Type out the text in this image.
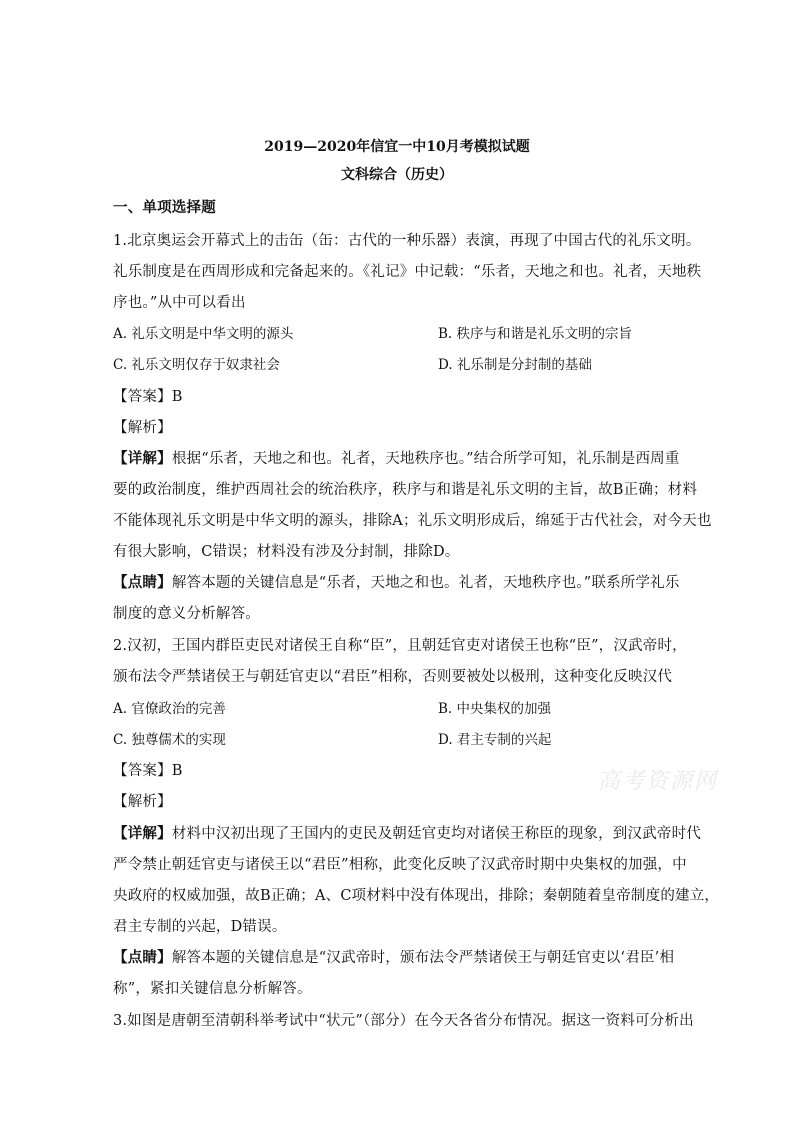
2019—2020年信宜一中10月考模拟试题
文科综合（历史）
一、单项选择题
1.北京奥运会开幕式上的击缶（缶：古代的一种乐器）表演，再现了中国古代的礼乐文明。
礼乐制度是在西周形成和完备起来的。《礼记》中记载：“乐者，天地之和也。礼者，天地秩
序也。”从中可以看出
A. 礼乐文明是中华文明的源头	B. 秩序与和谐是礼乐文明的宗旨
C. 礼乐文明仅存于奴隶社会	D. 礼乐制是分封制的基础
【答案】B
【解析】
【详解】根据“乐者，天地之和也。礼者，天地秩序也。”结合所学可知，礼乐制是西周重
要的政治制度，维护西周社会的统治秩序，秩序与和谐是礼乐文明的主旨，故B正确；材料
不能体现礼乐文明是中华文明的源头，排除A；礼乐文明形成后，绵延于古代社会，对今天也
有很大影响，C错误；材料没有涉及分封制，排除D。
【点睛】解答本题的关键信息是“乐者，天地之和也。礼者，天地秩序也。”联系所学礼乐
制度的意义分析解答。
2.汉初，王国内群臣吏民对诸侯王自称“臣”，且朝廷官吏对诸侯王也称“臣”，汉武帝时，
颁布法令严禁诸侯王与朝廷官吏以“君臣”相称，否则要被处以极刑，这种变化反映汉代
A. 官僚政治的完善	B. 中央集权的加强
C. 独尊儒术的实现	D. 君主专制的兴起
【答案】B
【解析】
【详解】材料中汉初出现了王国内的吏民及朝廷官吏均对诸侯王称臣的现象，到汉武帝时代
严令禁止朝廷官吏与诸侯王以“君臣”相称，此变化反映了汉武帝时期中央集权的加强，中
央政府的权威加强，故B正确；A、C项材料中没有体现出，排除；秦朝随着皇帝制度的建立，
君主专制的兴起，D错误。
【点睛】解答本题的关键信息是“汉武帝时，颁布法令严禁诸侯王与朝廷官吏以‘君臣’相
称”，紧扣关键信息分析解答。
3.如图是唐朝至清朝科举考试中“状元”（部分）在今天各省分布情况。据这一资料可分析出
高考资源网
